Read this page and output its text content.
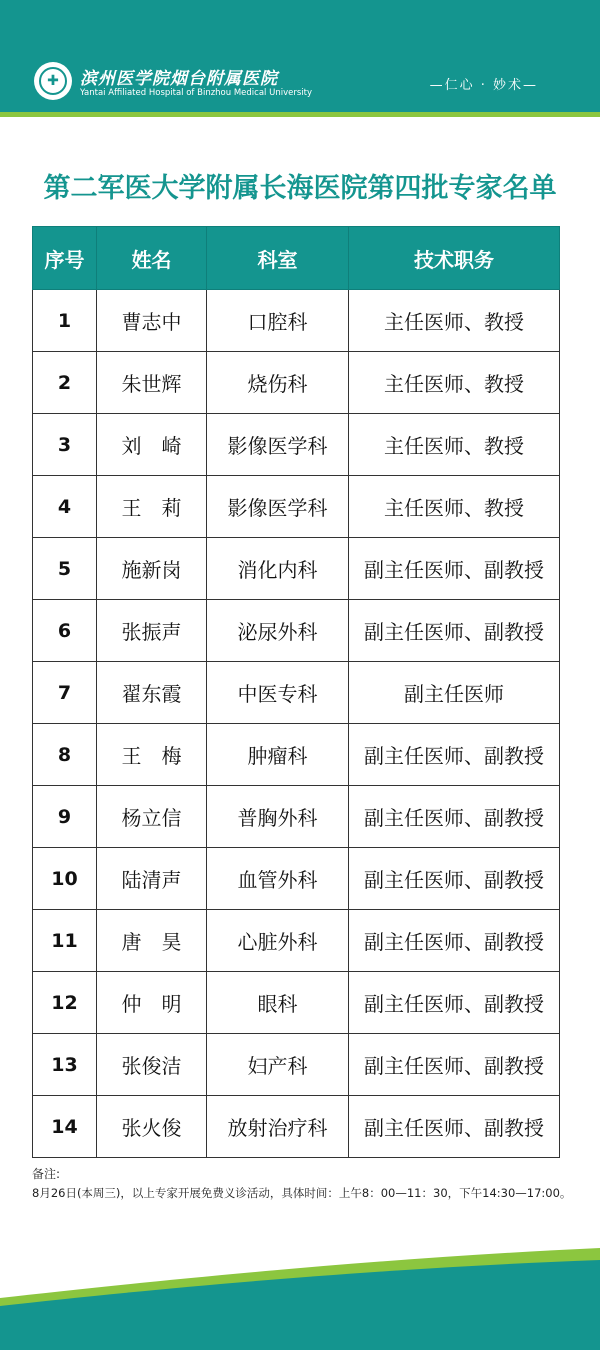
✚	滨州医学院烟台附属医院
Yantai Affiliated Hospital of Binzhou Medical University	—仁心 · 妙术—
第二军医大学附属长海医院第四批专家名单
序号	姓名	科室	技术职务
1	曹志中	口腔科	主任医师、教授
2	朱世辉	烧伤科	主任医师、教授
3	刘　崎	影像医学科	主任医师、教授
4	王　莉	影像医学科	主任医师、教授
5	施新岗	消化内科	副主任医师、副教授
6	张振声	泌尿外科	副主任医师、副教授
7	翟东霞	中医专科	副主任医师
8	王　梅	肿瘤科	副主任医师、副教授
9	杨立信	普胸外科	副主任医师、副教授
10	陆清声	血管外科	副主任医师、副教授
11	唐　昊	心脏外科	副主任医师、副教授
12	仲　明	眼科	副主任医师、副教授
13	张俊洁	妇产科	副主任医师、副教授
14	张火俊	放射治疗科	副主任医师、副教授
备注:
8月26日(本周三)，以上专家开展免费义诊活动，具体时间：上午8：00—11：30，下午14:30—17:00。
